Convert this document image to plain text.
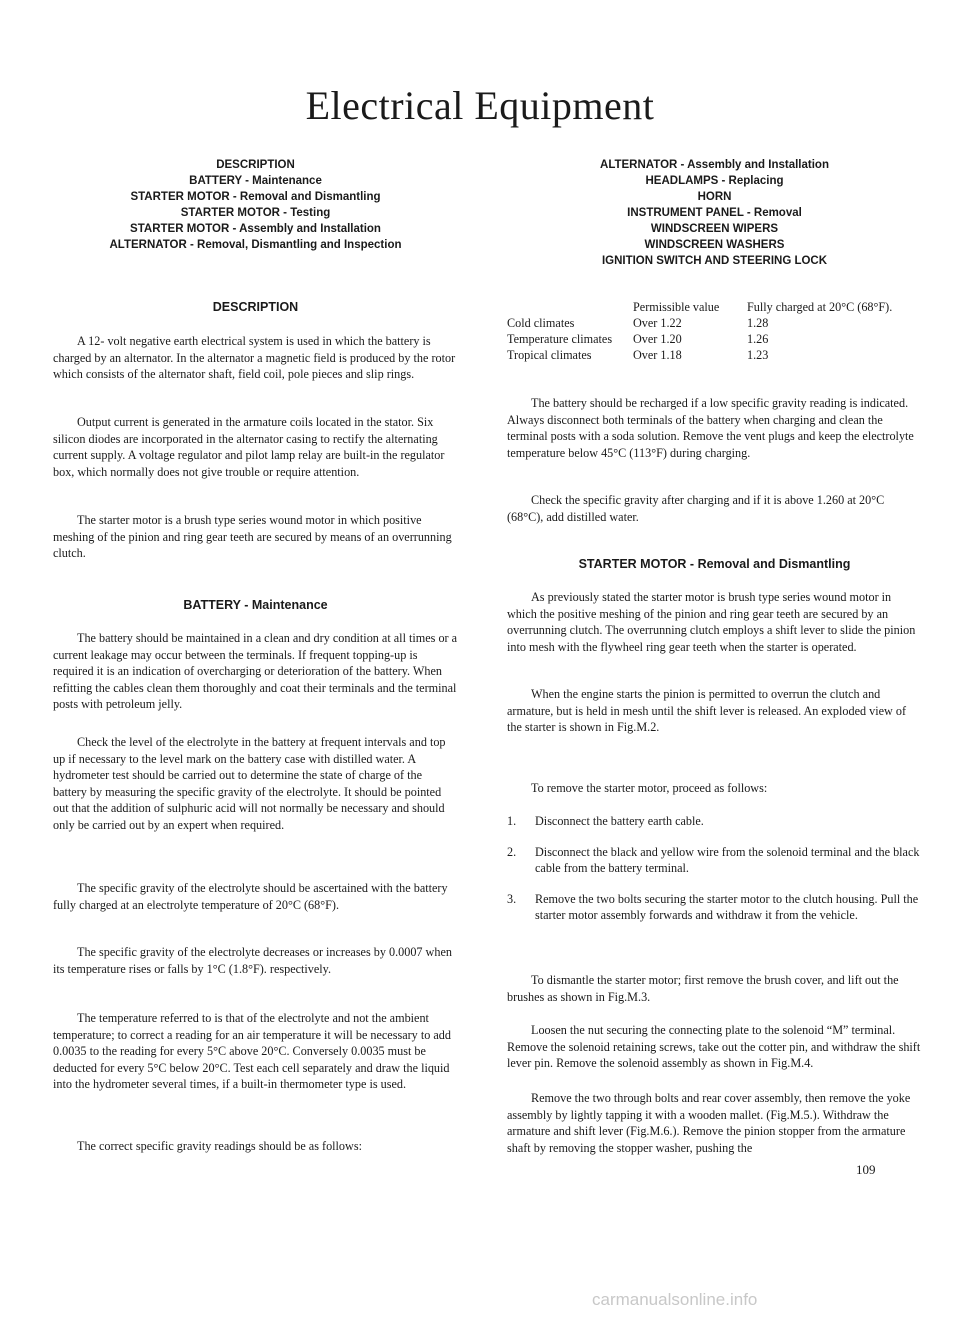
Electrical Equipment
DESCRIPTION
BATTERY - Maintenance
STARTER MOTOR - Removal and Dismantling
STARTER MOTOR - Testing
STARTER MOTOR - Assembly and Installation
ALTERNATOR - Removal, Dismantling and Inspection
DESCRIPTION

A 12- volt negative earth electrical system is used in which the battery is charged by an alternator. In the alternator a magnetic field is produced by the rotor which consists of the alternator shaft, field coil, pole pieces and slip rings.

Output current is generated in the armature coils located in the stator. Six silicon diodes are incorporated in the alternator casing to rectify the alternating current supply. A voltage regulator and pilot lamp relay are built-in the regulator box, which normally does not give trouble or require attention.

The starter motor is a brush type series wound motor in which positive meshing of the pinion and ring gear teeth are secured by means of an overrunning clutch.

BATTERY - Maintenance

The battery should be maintained in a clean and dry condition at all times or a current leakage may occur between the terminals. If frequent topping-up is required it is an indication of overcharging or deterioration of the battery. When refitting the cables clean them thoroughly and coat their terminals and the terminal posts with petroleum jelly.

Check the level of the electrolyte in the battery at frequent intervals and top up if necessary to the level mark on the battery case with distilled water. A hydrometer test should be carried out to determine the state of charge of the battery by measuring the specific gravity of the electrolyte. It should be pointed out that the addition of sulphuric acid will not normally be necessary and should only be carried out by an expert when required.

The specific gravity of the electrolyte should be ascertained with the battery fully charged at an electrolyte temperature of 20°C (68°F).

The specific gravity of the electrolyte decreases or increases by 0.0007 when its temperature rises or falls by 1°C (1.8°F). respectively.

The temperature referred to is that of the electrolyte and not the ambient temperature; to correct a reading for an air temperature it will be necessary to add 0.0035 to the reading for every 5°C above 20°C. Conversely 0.0035 must be deducted for every 5°C below 20°C. Test each cell separately and draw the liquid into the hydrometer several times, if a built-in thermometer type is used.

The correct specific gravity readings should be as follows:

ALTERNATOR - Assembly and Installation
HEADLAMPS - Replacing
HORN
INSTRUMENT PANEL - Removal
WINDSCREEN WIPERS
WINDSCREEN WASHERS
IGNITION SWITCH AND STEERING LOCK
	Permissible value	Fully charged at 20°C (68°F).
Cold climates	Over 1.22	1.28
Temperature climates	Over 1.20	1.26
Tropical climates	Over 1.18	1.23

The battery should be recharged if a low specific gravity reading is indicated. Always disconnect both terminals of the battery when charging and clean the terminal posts with a soda solution. Remove the vent plugs and keep the electrolyte temperature below 45°C (113°F) during charging.

Check the specific gravity after charging and if it is above 1.260 at 20°C (68°C), add distilled water.

STARTER MOTOR - Removal and Dismantling

As previously stated the starter motor is brush type series wound motor in which the positive meshing of the pinion and ring gear teeth are secured by an overrunning clutch. The overrunning clutch employs a shift lever to slide the pinion into mesh with the flywheel ring gear teeth when the starter is operated.

When the engine starts the pinion is permitted to overrun the clutch and armature, but is held in mesh until the shift lever is released. An exploded view of the starter is shown in Fig.M.2.

To remove the starter motor, proceed as follows:

1.	Disconnect the battery earth cable.
2.	Disconnect the black and yellow wire from the solenoid terminal and the black cable from the battery terminal.
3.	Remove the two bolts securing the starter motor to the clutch housing. Pull the starter motor assembly forwards and withdraw it from the vehicle.

To dismantle the starter motor; first remove the brush cover, and lift out the brushes as shown in Fig.M.3.

Loosen the nut securing the connecting plate to the solenoid “M” terminal. Remove the solenoid retaining screws, take out the cotter pin, and withdraw the shift lever pin. Remove the solenoid assembly as shown in Fig.M.4.

Remove the two through bolts and rear cover assembly, then remove the yoke assembly by lightly tapping it with a wooden mallet. (Fig.M.5.). Withdraw the armature and shift lever (Fig.M.6.). Remove the pinion stopper from the armature shaft by removing the stopper washer, pushing the

109
carmanualsonline.info
